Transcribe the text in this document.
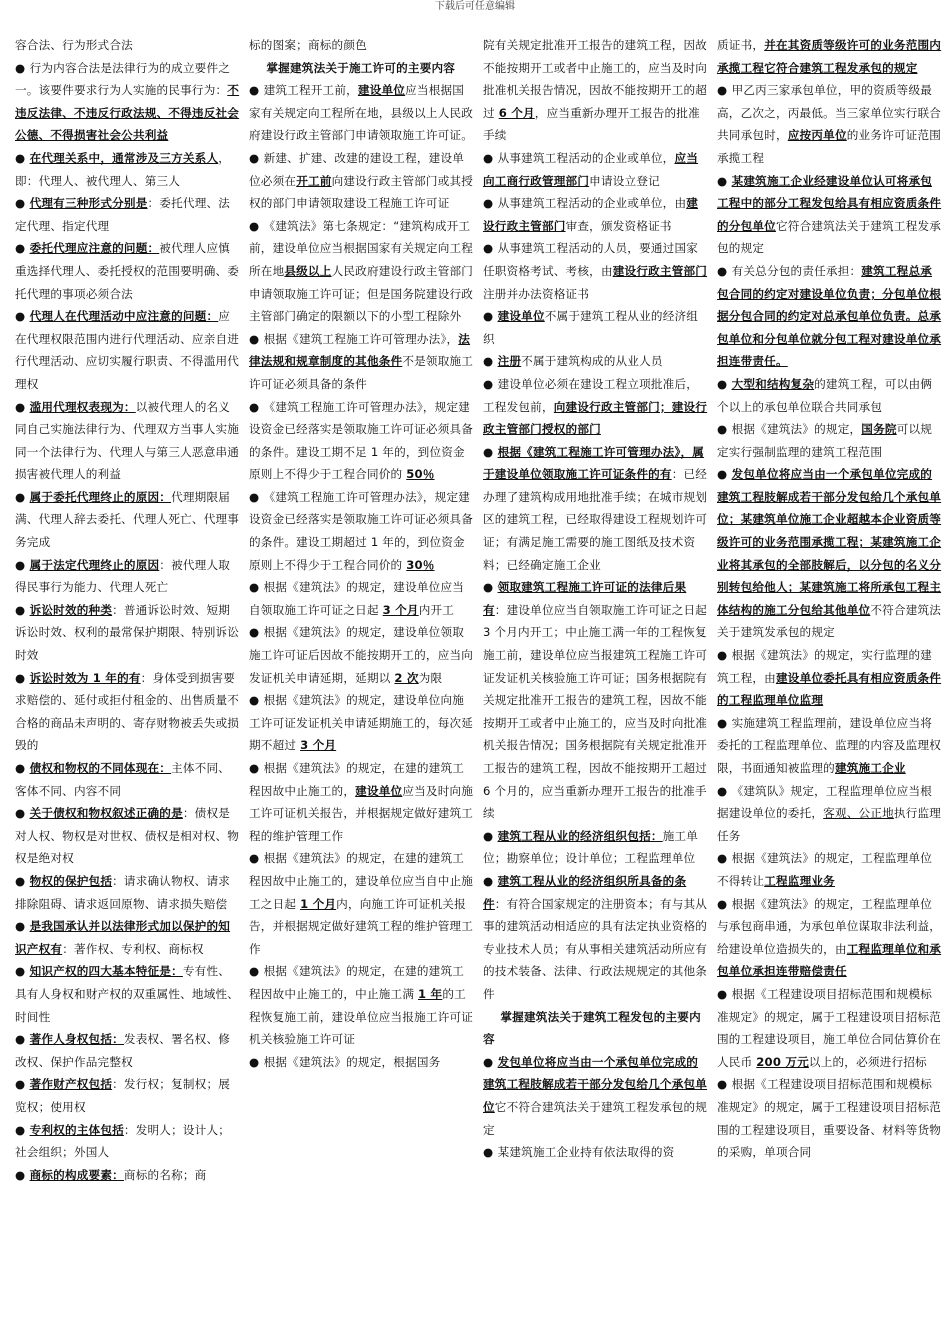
下载后可任意编辑
容合法、行为形式合法
● 行为内容合法是法律行为的成立要件之一。该要件要求行为人实施的民事行为：不违反法律、不违反行政法规、不得违反社会公德、不得损害社会公共利益
● 在代理关系中，通常涉及三方关系人，即：代理人、被代理人、第三人
● 代理有三种形式分别是：委托代理、法定代理、指定代理
● 委托代理应注意的问题：被代理人应慎重选择代理人、委托授权的范围要明确、委托代理的事项必须合法
● 代理人在代理活动中应注意的问题：应在代理权限范围内进行代理活动、应亲自进行代理活动、应切实履行职责、不得滥用代理权
● 滥用代理权表现为：以被代理人的名义同自己实施法律行为、代理双方当事人实施同一个法律行为、代理人与第三人恶意串通损害被代理人的利益
● 属于委托代理终止的原因：代理期限届满、代理人辞去委托、代理人死亡、代理事务完成
● 属于法定代理终止的原因：被代理人取得民事行为能力、代理人死亡
● 诉讼时效的种类：普通诉讼时效、短期诉讼时效、权利的最常保护期限、特别诉讼时效
● 诉讼时效为 1 年的有：身体受到损害要求赔偿的、延付或拒付租金的、出售质量不合格的商品未声明的、寄存财物被丢失或损毁的
● 债权和物权的不同体现在：主体不同、客体不同、内容不同
● 关于债权和物权叙述正确的是：债权是对人权、物权是对世权、债权是相对权、物权是绝对权
● 物权的保护包括：请求确认物权、请求排除阻碍、请求返回原物、请求损失赔偿
● 是我国承认并以法律形式加以保护的知识产权有：著作权、专利权、商标权
● 知识产权的四大基本特征是：专有性、具有人身权和财产权的双重属性、地域性、时间性
● 著作人身权包括：发表权、署名权、修改权、保护作品完整权
● 著作财产权包括：发行权；复制权；展览权；使用权
● 专利权的主体包括：发明人；设计人；社会组织；外国人
● 商标的构成要素：商标的名称；商
标的图案；商标的颜色
掌握建筑法关于施工许可的主要内容
● 建筑工程开工前，建设单位应当根据国家有关规定向工程所在地，县级以上人民政府建设行政主管部门申请领取施工许可证。
● 新建、扩建、改建的建设工程，建设单位必须在开工前向建设行政主管部门或其授权的部门申请领取建设工程施工许可证
● 《建筑法》第七条规定：“建筑构成开工前，建设单位应当根据国家有关规定向工程所在地县级以上人民政府建设行政主管部门申请领取施工许可证；但是国务院建设行政主管部门确定的限额以下的小型工程除外
● 根据《建筑工程施工许可管理办法》，法律法规和规章制度的其他条件不是领取施工许可证必须具备的条件
● 《建筑工程施工许可管理办法》，规定建设资金已经落实是领取施工许可证必须具备的条件。建设工期不足 1 年的，到位资金原则上不得少于工程合同价的 50％
● 《建筑工程施工许可管理办法》，规定建设资金已经落实是领取施工许可证必须具备的条件。建设工期超过 1 年的，到位资金原则上不得少于工程合同价的 30％
● 根据《建筑法》的规定，建设单位应当自领取施工许可证之日起 3 个月内开工
● 根据《建筑法》的规定，建设单位领取施工许可证后因故不能按期开工的，应当向发证机关申请延期，延期以 2 次为限
● 根据《建筑法》的规定，建设单位向施工许可证发证机关申请延期施工的，每次延期不超过 3 个月
● 根据《建筑法》的规定，在建的建筑工程因故中止施工的，建设单位应当及时向施工许可证机关报告，并根据规定做好建筑工程的维护管理工作
● 根据《建筑法》的规定，在建的建筑工程因故中止施工的，建设单位应当自中止施工之日起 1 个月内，向施工许可证机关报告，并根据规定做好建筑工程的维护管理工作
● 根据《建筑法》的规定，在建的建筑工程因故中止施工的，中止施工满 1 年的工程恢复施工前，建设单位应当报施工许可证机关核验施工许可证
● 根据《建筑法》的规定，根据国务
院有关规定批准开工报告的建筑工程，因故不能按期开工或者中止施工的，应当及时向批准机关报告情况，因故不能按期开工的超过 6 个月，应当重新办理开工报告的批准手续
● 从事建筑工程活动的企业或单位，应当向工商行政管理部门申请设立登记
● 从事建筑工程活动的企业或单位，由建设行政主管部门审查，颁发资格证书
● 从事建筑工程活动的人员，要通过国家任职资格考试、考核，由建设行政主管部门注册并办法资格证书
● 建设单位不属于建筑工程从业的经济组织
● 注册不属于建筑构成的从业人员
● 建设单位必须在建设工程立项批准后，工程发包前，向建设行政主管部门；建设行政主管部门授权的部门
● 根据《建筑工程施工许可管理办法》，属于建设单位领取施工许可证条件的有：已经办理了建筑构成用地批准手续；在城市规划区的建筑工程，已经取得建设工程规划许可证；有满足施工需要的施工图纸及技术资料；已经确定施工企业
● 领取建筑工程施工许可证的法律后果有：建设单位应当自领取施工许可证之日起 3 个月内开工；中止施工满一年的工程恢复施工前，建设单位应当报建筑工程施工许可证发证机关核验施工许可证；国务根据院有关规定批准开工报告的建筑工程，因故不能按期开工或者中止施工的，应当及时向批准机关报告情况；国务根据院有关规定批准开工报告的建筑工程，因故不能按期开工超过 6 个月的，应当重新办理开工报告的批准手续
● 建筑工程从业的经济组织包括：施工单位；勘察单位；设计单位；工程监理单位
● 建筑工程从业的经济组织所具备的条件：有符合国家规定的注册资本；有与其从事的建筑活动相适应的具有法定执业资格的专业技术人员；有从事相关建筑活动所应有的技术装备、法律、行政法规规定的其他条件
掌握建筑法关于建筑工程发包的主要内容
● 发包单位将应当由一个承包单位完成的建筑工程肢解成若干部分发包给几个承包单位它不符合建筑法关于建筑工程发承包的规定
● 某建筑施工企业持有依法取得的资
质证书，并在其资质等级许可的业务范围内承揽工程它符合建筑工程发承包的规定
● 甲乙丙三家承包单位，甲的资质等级最高，乙次之，丙最低。当三家单位实行联合共同承包时，应按丙单位的业务许可证范围承揽工程
● 某建筑施工企业经建设单位认可将承包工程中的部分工程发包给具有相应资质条件的分包单位它符合建筑法关于建筑工程发承包的规定
● 有关总分包的责任承担：建筑工程总承包合同的约定对建设单位负责；分包单位根据分包合同的约定对总承包单位负责。总承包单位和分包单位就分包工程对建设单位承担连带责任。
● 大型和结构复杂的建筑工程，可以由俩个以上的承包单位联合共同承包
● 根据《建筑法》的规定，国务院可以规定实行强制监理的建筑工程范围
● 发包单位将应当由一个承包单位完成的建筑工程肢解成若干部分发包给几个承包单位；某建筑单位施工企业超越本企业资质等级许可的业务范围承揽工程；某建筑施工企业将其承包的全部肢解后，以分包的名义分别转包给他人；某建筑施工将所承包工程主体结构的施工分包给其他单位不符合建筑法关于建筑发承包的规定
● 根据《建筑法》的规定，实行监理的建筑工程，由建设单位委托具有相应资质条件的工程监理单位监理
● 实施建筑工程监理前，建设单位应当将委托的工程监理单位、监理的内容及监理权限，书面通知被监理的建筑施工企业
● 《建筑队》规定，工程监理单位应当根据建设单位的委托，客观、公正地执行监理任务
● 根据《建筑法》的规定，工程监理单位不得转让工程监理业务
● 根据《建筑法》的规定，工程监理单位与承包商串通，为承包单位谋取非法利益，给建设单位造损失的，由工程监理单位和承包单位承担连带赔偿责任
● 根据《工程建设项目招标范围和规模标准规定》的规定，属于工程建设项目招标范围的工程建设项目，施工单位合同估算价在人民币 200 万元以上的，必须进行招标
● 根据《工程建设项目招标范围和规模标准规定》的规定，属于工程建设项目招标范围的工程建设项目，重要设备、材料等货物的采购，单项合同
